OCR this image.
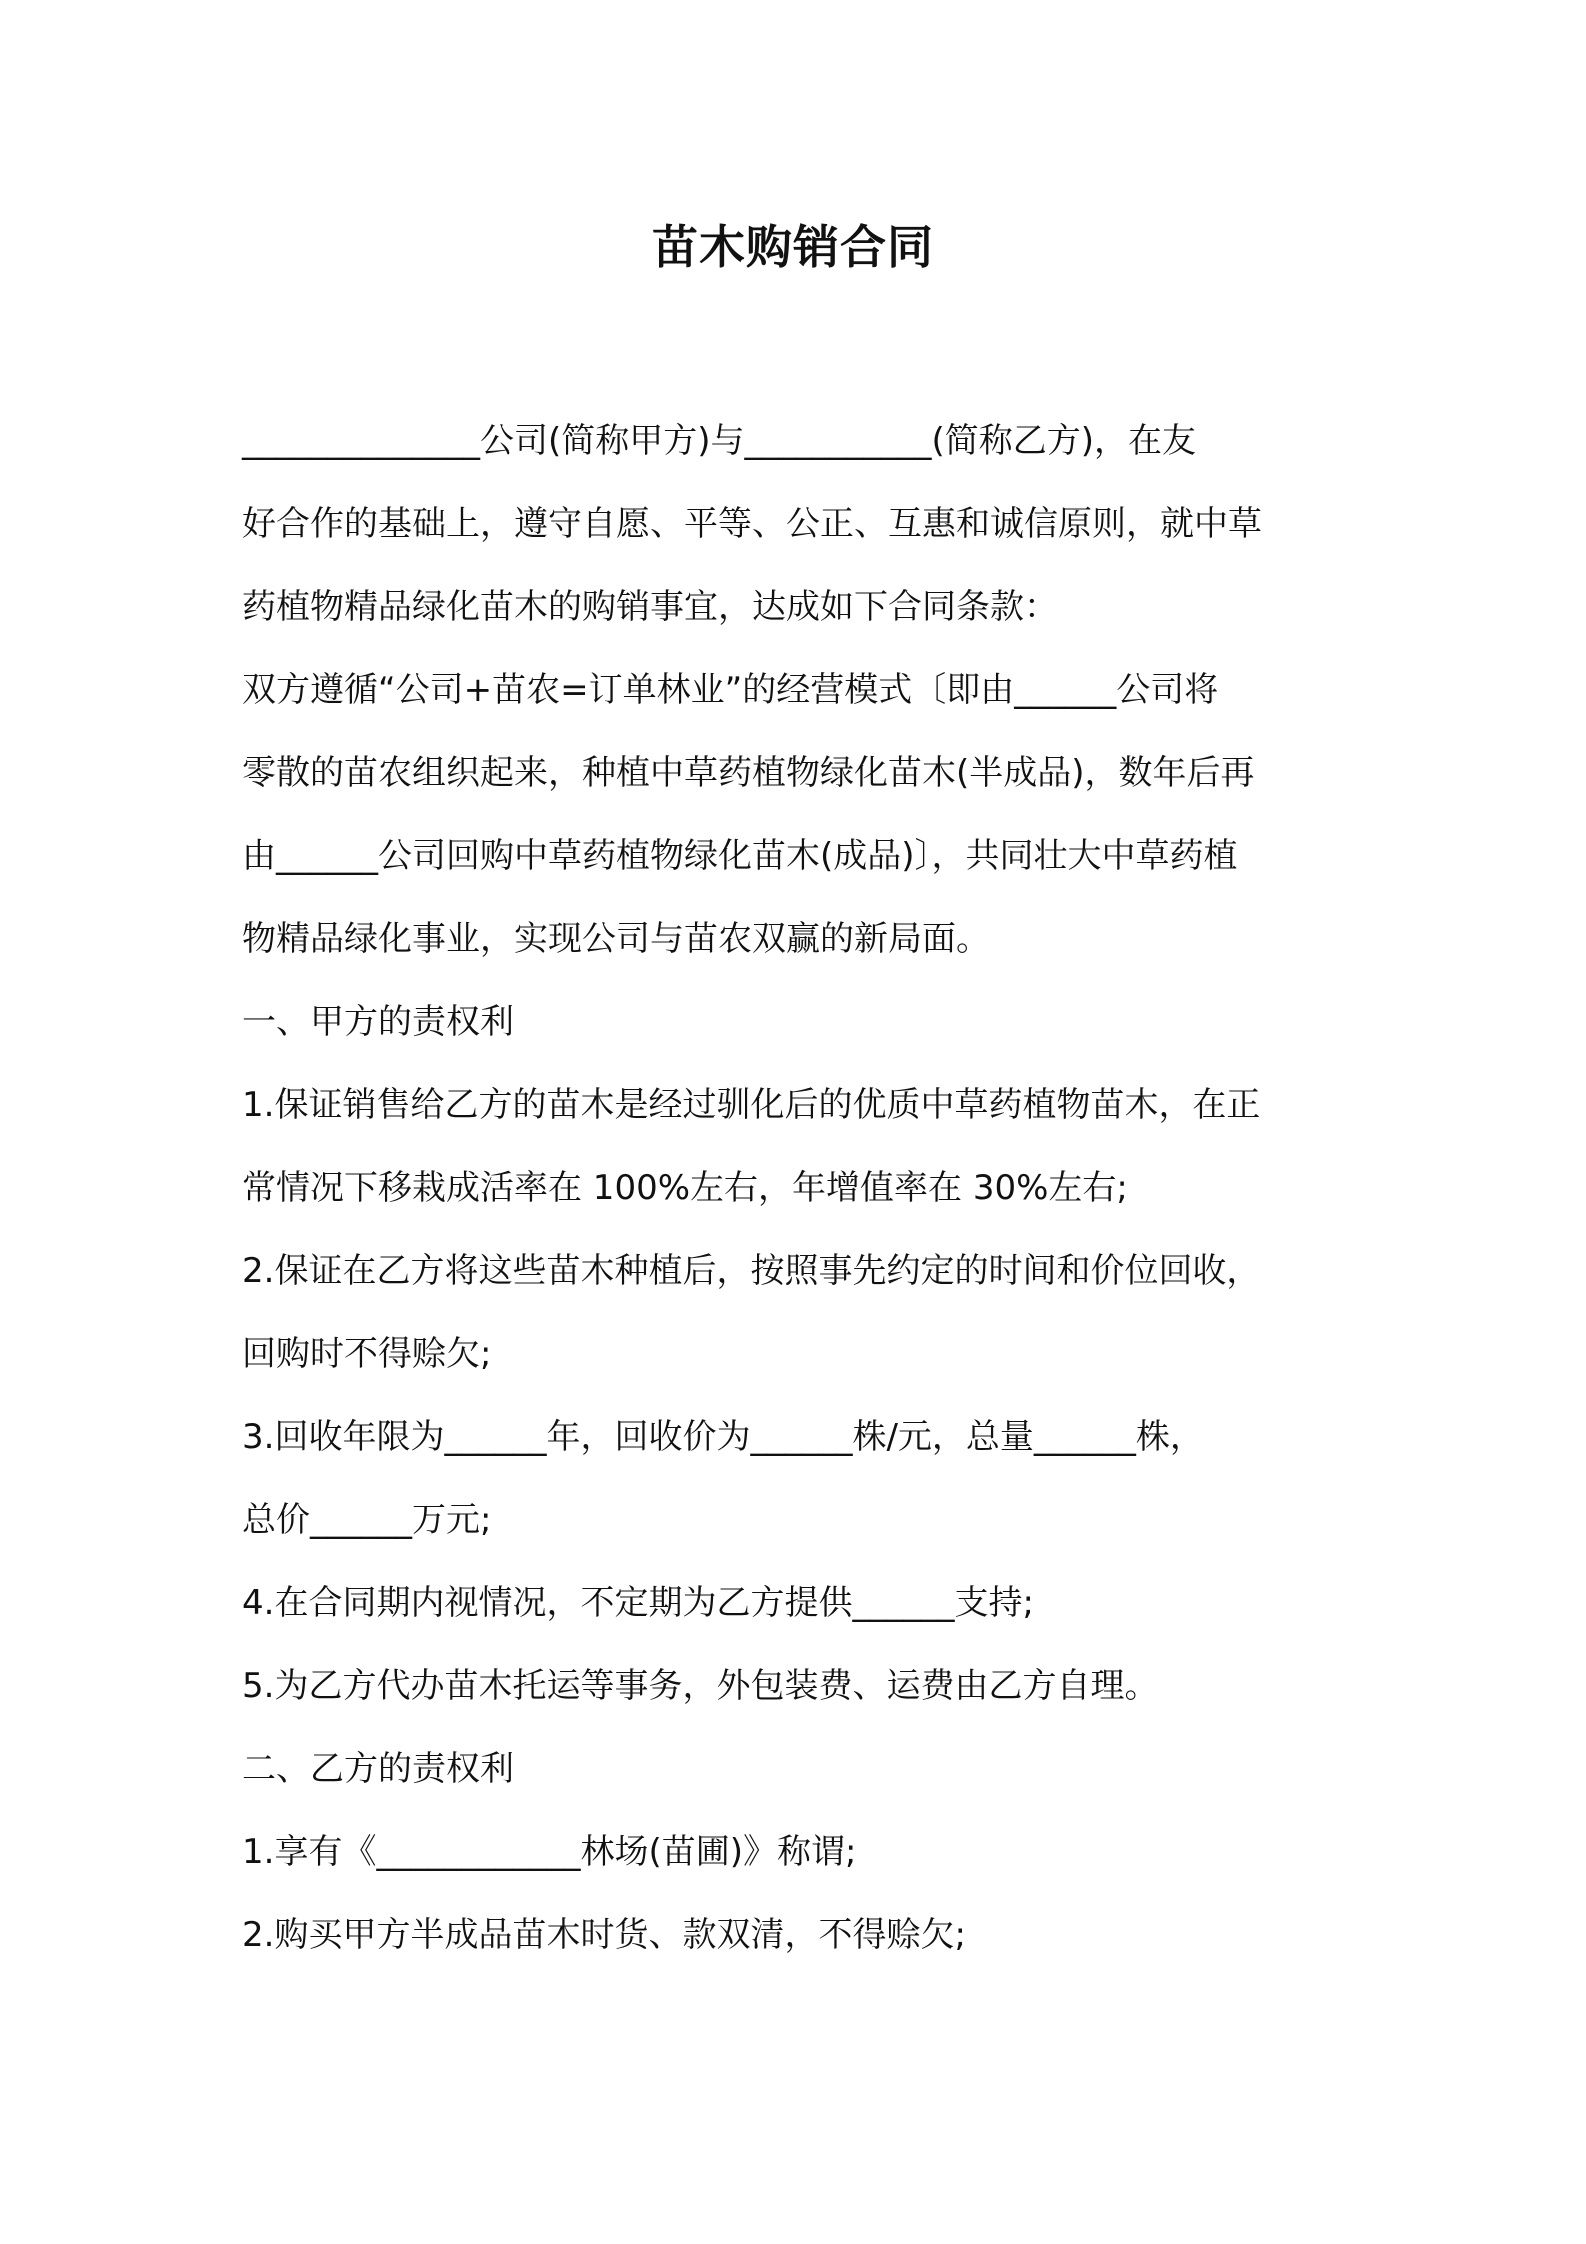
苗木购销合同
______________公司(简称甲方)与___________(简称乙方)，在友
好合作的基础上，遵守自愿、平等、公正、互惠和诚信原则，就中草
药植物精品绿化苗木的购销事宜，达成如下合同条款：
双方遵循“公司+苗农=订单林业”的经营模式〔即由______公司将
零散的苗农组织起来，种植中草药植物绿化苗木(半成品)，数年后再
由______公司回购中草药植物绿化苗木(成品)〕，共同壮大中草药植
物精品绿化事业，实现公司与苗农双赢的新局面。
一、甲方的责权利
1.保证销售给乙方的苗木是经过驯化后的优质中草药植物苗木，在正
常情况下移栽成活率在 100%左右，年增值率在 30%左右;
2.保证在乙方将这些苗木种植后，按照事先约定的时间和价位回收，
回购时不得赊欠;
3.回收年限为______年，回收价为______株/元，总量______株，
总价______万元;
4.在合同期内视情况，不定期为乙方提供______支持;
5.为乙方代办苗木托运等事务，外包装费、运费由乙方自理。
二、乙方的责权利
1.享有《____________林场(苗圃)》称谓;
2.购买甲方半成品苗木时货、款双清，不得赊欠;
